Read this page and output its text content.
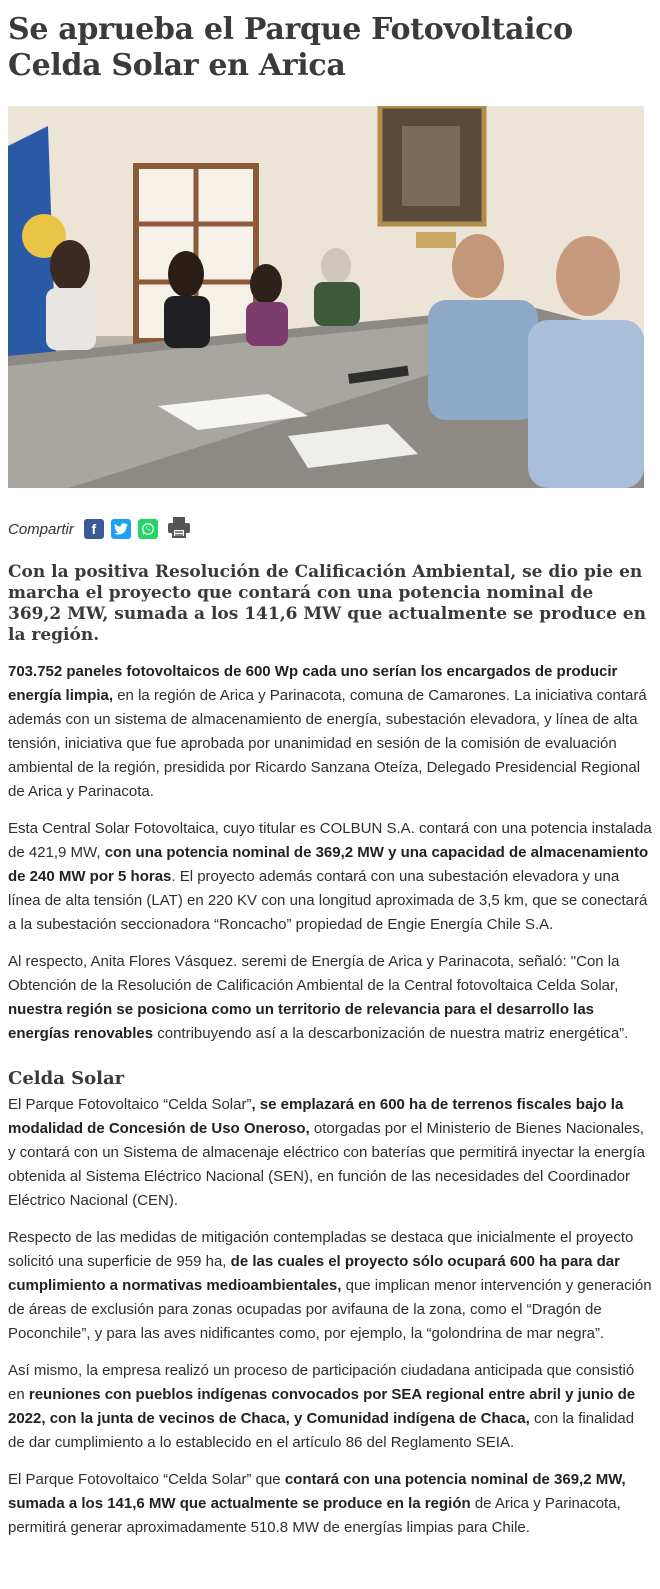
Se aprueba el Parque Fotovoltaico Celda Solar en Arica
Compartir f
Con la positiva Resolución de Calificación Ambiental, se dio pie en marcha el proyecto que contará con una potencia nominal de 369,2 MW, sumada a los 141,6 MW que actualmente se produce en la región.

703.752 paneles fotovoltaicos de 600 Wp cada uno serían los encargados de producir energía limpia, en la región de Arica y Parinacota, comuna de Camarones. La iniciativa contará además con un sistema de almacenamiento de energía, subestación elevadora, y línea de alta tensión, iniciativa que fue aprobada por unanimidad en sesión de la comisión de evaluación ambiental de la región, presidida por Ricardo Sanzana Oteíza, Delegado Presidencial Regional de Arica y Parinacota.

Esta Central Solar Fotovoltaica, cuyo titular es COLBUN S.A. contará con una potencia instalada de 421,9 MW, con una potencia nominal de 369,2 MW y una capacidad de almacenamiento de 240 MW por 5 horas. El proyecto además contará con una subestación elevadora y una línea de alta tensión (LAT) en 220 KV con una longitud aproximada de 3,5 km, que se conectará a la subestación seccionadora “Roncacho” propiedad de Engie Energía Chile S.A.

Al respecto, Anita Flores Vásquez. seremi de Energía de Arica y Parinacota, señaló: "Con la Obtención de la Resolución de Calificación Ambiental de la Central fotovoltaica Celda Solar, nuestra región se posiciona como un territorio de relevancia para el desarrollo las energías renovables contribuyendo así a la descarbonización de nuestra matriz energética”.

Celda Solar

El Parque Fotovoltaico “Celda Solar”, se emplazará en 600 ha de terrenos fiscales bajo la modalidad de Concesión de Uso Oneroso, otorgadas por el Ministerio de Bienes Nacionales, y contará con un Sistema de almacenaje eléctrico con baterías que permitirá inyectar la energía obtenida al Sistema Eléctrico Nacional (SEN), en función de las necesidades del Coordinador Eléctrico Nacional (CEN).

Respecto de las medidas de mitigación contempladas se destaca que inicialmente el proyecto solicitó una superficie de 959 ha, de las cuales el proyecto sólo ocupará 600 ha para dar cumplimiento a normativas medioambientales, que implican menor intervención y generación de áreas de exclusión para zonas ocupadas por avifauna de la zona, como el “Dragón de Poconchile”, y para las aves nidificantes como, por ejemplo, la “golondrina de mar negra”.

Así mismo, la empresa realizó un proceso de participación ciudadana anticipada que consistió en reuniones con pueblos indígenas convocados por SEA regional entre abril y junio de 2022, con la junta de vecinos de Chaca, y Comunidad indígena de Chaca, con la finalidad de dar cumplimiento a lo establecido en el artículo 86 del Reglamento SEIA.

El Parque Fotovoltaico “Celda Solar” que contará con una potencia nominal de 369,2 MW, sumada a los 141,6 MW que actualmente se produce en la región de Arica y Parinacota, permitirá generar aproximadamente 510.8 MW de energías limpias para Chile.
